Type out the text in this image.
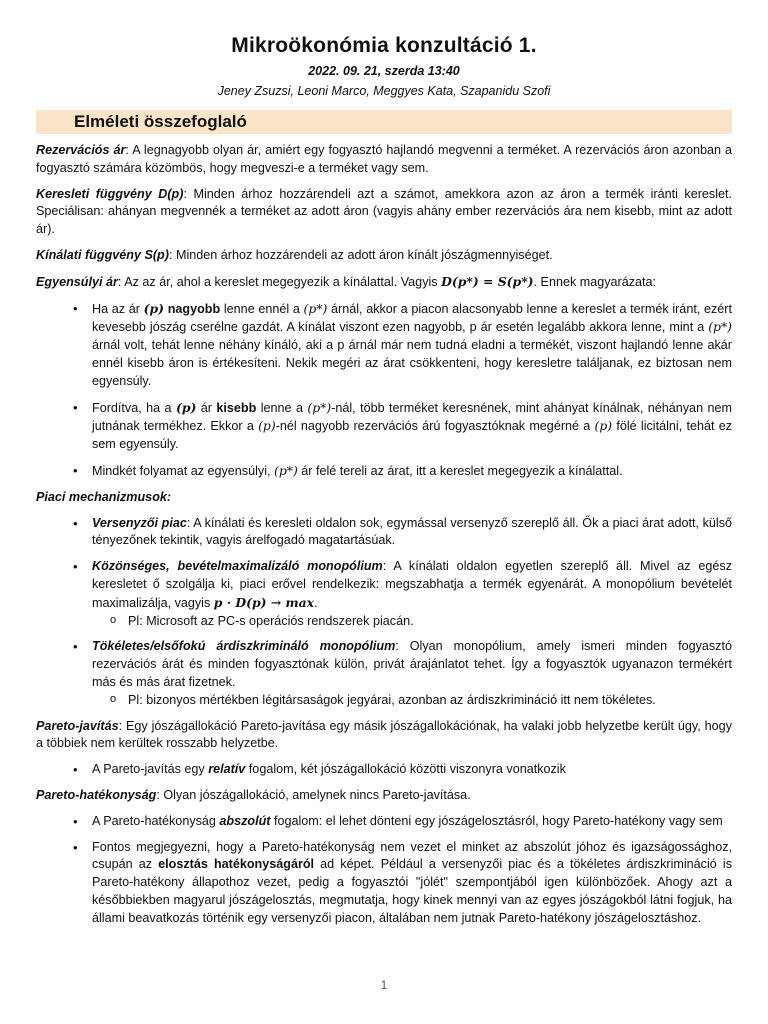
Mikroökonómia konzultáció 1.
2022. 09. 21, szerda 13:40
Jeney Zsuzsi, Leoni Marco, Meggyes Kata, Szapanidu Szofi
Elméleti összefoglaló

Rezervációs ár: A legnagyobb olyan ár, amiért egy fogyasztó hajlandó megvenni a terméket. A rezervációs áron azonban a fogyasztó számára közömbös, hogy megveszi-e a terméket vagy sem.

Keresleti függvény D(p): Minden árhoz hozzárendeli azt a számot, amekkora azon az áron a termék iránti kereslet. Speciálisan: ahányan megvennék a terméket az adott áron (vagyis ahány ember rezervációs ára nem kisebb, mint az adott ár).

Kínálati függvény S(p): Minden árhoz hozzárendeli az adott áron kínált jószágmennyiséget.

Egyensúlyi ár: Az az ár, ahol a kereslet megegyezik a kínálattal. Vagyis D(p*) = S(p*). Ennek magyarázata:

• Ha az ár (p) nagyobb lenne ennél a (p*) árnál, akkor a piacon alacsonyabb lenne a kereslet a termék iránt, ezért kevesebb jószág cserélne gazdát. A kínálat viszont ezen nagyobb, p ár esetén legalább akkora lenne, mint a (p*) árnál volt, tehát lenne néhány kínáló, aki a p árnál már nem tudná eladni a termékét, viszont hajlandó lenne akár ennél kisebb áron is értékesíteni. Nekik megéri az árat csökkenteni, hogy keresletre találjanak, ez biztosan nem egyensúly.
• Fordítva, ha a (p) ár kisebb lenne a (p*)-nál, több terméket keresnének, mint ahányat kínálnak, néhányan nem jutnának termékhez. Ekkor a (p)-nél nagyobb rezervációs árú fogyasztóknak megérné a (p) fölé licitálni, tehát ez sem egyensúly.
• Mindkét folyamat az egyensúlyi, (p*) ár felé tereli az árat, itt a kereslet megegyezik a kínálattal.

Piaci mechanizmusok:

• Versenyzői piac: A kínálati és keresleti oldalon sok, egymással versenyző szereplő áll. Ők a piaci árat adott, külső tényezőnek tekintik, vagyis árelfogadó magatartásúak.
• Közönséges, bevételmaximalizáló monopólium: A kínálati oldalon egyetlen szereplő áll. Mivel az egész keresletet ő szolgálja ki, piaci erővel rendelkezik: megszabhatja a termék egyenárát. A monopólium bevételét maximalizálja, vagyis p · D(p) → max.
o Pl: Microsoft az PC-s operációs rendszerek piacán.
• Tökéletes/elsőfokú árdiszkrimináló monopólium: Olyan monopólium, amely ismeri minden fogyasztó rezervációs árát és minden fogyasztónak külön, privát árajánlatot tehet. Így a fogyasztók ugyanazon termékért más és más árat fizetnek.
o Pl: bizonyos mértékben légitársaságok jegyárai, azonban az árdiszkrimináció itt nem tökéletes.

Pareto-javítás: Egy jószágallokáció Pareto-javítása egy másik jószágallokációnak, ha valaki jobb helyzetbe került úgy, hogy a többiek nem kerültek rosszabb helyzetbe.

• A Pareto-javítás egy relatív fogalom, két jószágallokáció közötti viszonyra vonatkozik

Pareto-hatékonyság: Olyan jószágallokáció, amelynek nincs Pareto-javítása.

• A Pareto-hatékonyság abszolút fogalom: el lehet dönteni egy jószágelosztásról, hogy Pareto-hatékony vagy sem
• Fontos megjegyezni, hogy a Pareto-hatékonyság nem vezet el minket az abszolút jóhoz és igazságossághoz, csupán az elosztás hatékonyságáról ad képet. Például a versenyzői piac és a tökéletes árdiszkrimináció is Pareto-hatékony állapothoz vezet, pedig a fogyasztói "jólét" szempontjából igen különbözőek. Ahogy azt a későbbiekben magyarul jószágelosztás, megmutatja, hogy kinek mennyi van az egyes jószágokból látni fogjuk, ha állami beavatkozás történik egy versenyzői piacon, általában nem jutnak Pareto-hatékony jószágelosztáshoz.
1
